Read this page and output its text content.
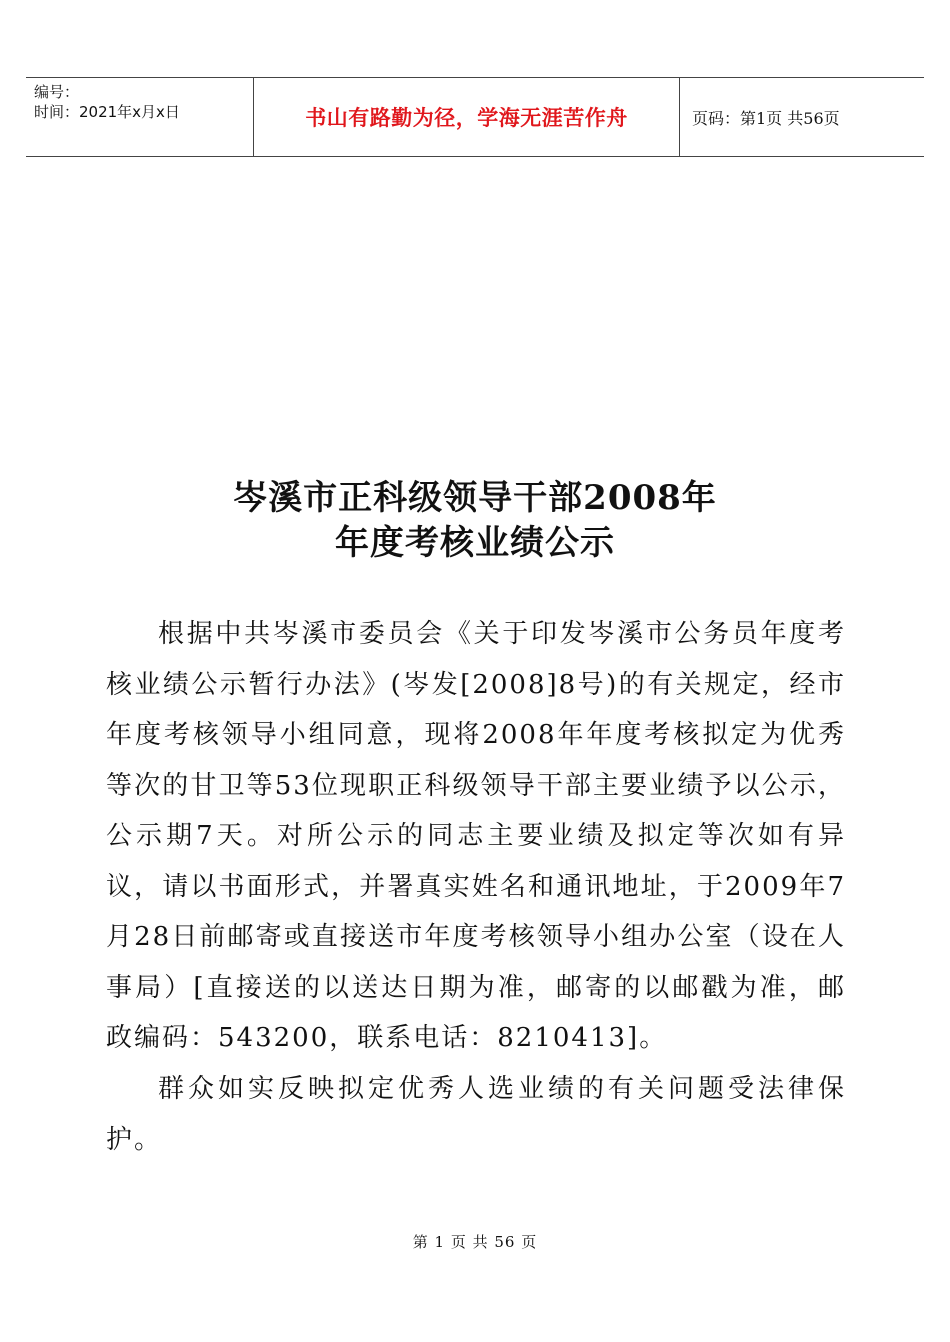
编号：
时间：2021年x月x日	书山有路勤为径，学海无涯苦作舟	页码：第1页 共56页
岑溪市正科级领导干部2008年
年度考核业绩公示

根据中共岑溪市委员会《关于印发岑溪市公务员年度考核业绩公示暂行办法》(岑发[2008]8号)的有关规定，经市年度考核领导小组同意，现将2008年年度考核拟定为优秀等次的甘卫等53位现职正科级领导干部主要业绩予以公示，公示期7天。对所公示的同志主要业绩及拟定等次如有异议，请以书面形式，并署真实姓名和通讯地址，于2009年7月28日前邮寄或直接送市年度考核领导小组办公室（设在人事局）[直接送的以送达日期为准，邮寄的以邮戳为准，邮政编码：543200，联系电话：8210413]。

群众如实反映拟定优秀人选业绩的有关问题受法律保护。

第 1 页 共 56 页
